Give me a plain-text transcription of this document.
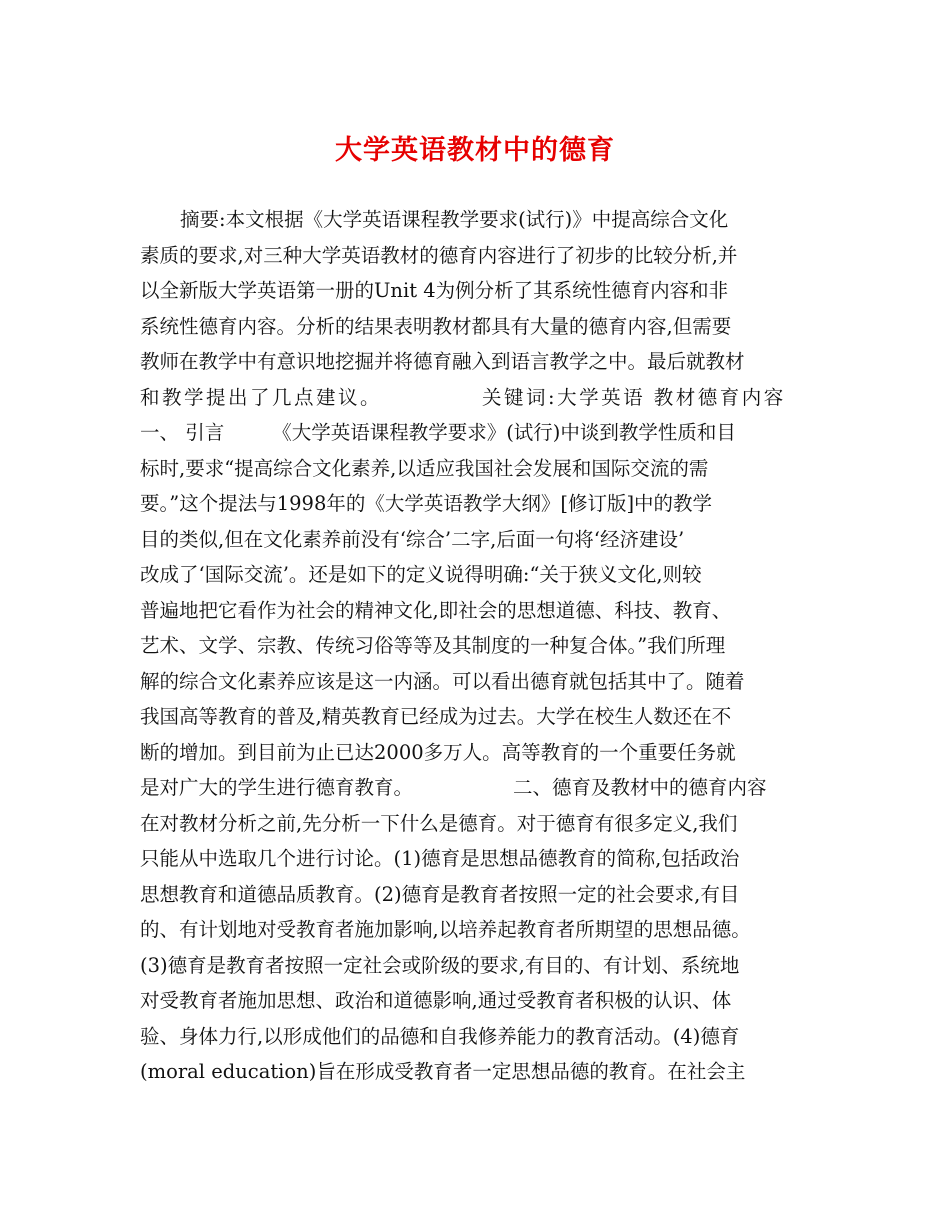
大学英语教材中的德育
摘要:本文根据《大学英语课程教学要求(试行)》中提高综合文化
素质的要求,对三种大学英语教材的德育内容进行了初步的比较分析,并
以全新版大学英语第一册的Unit 4为例分析了其系统性德育内容和非
系统性德育内容。分析的结果表明教材都具有大量的德育内容,但需要
教师在教学中有意识地挖掘并将德育融入到语言教学之中。最后就教材
和教学提出了几点建议。	关键词:大学英语 教材德育内容
一、 引言 《大学英语课程教学要求》(试行)中谈到教学性质和目
标时,要求“提高综合文化素养,以适应我国社会发展和国际交流的需
要。”这个提法与1998年的《大学英语教学大纲》[修订版]中的教学
目的类似,但在文化素养前没有‘综合’二字,后面一句将‘经济建设’
改成了‘国际交流’。还是如下的定义说得明确:“关于狭义文化,则较
普遍地把它看作为社会的精神文化,即社会的思想道德、科技、教育、
艺术、文学、宗教、传统习俗等等及其制度的一种复合体。”我们所理
解的综合文化素养应该是这一内涵。可以看出德育就包括其中了。随着
我国高等教育的普及,精英教育已经成为过去。大学在校生人数还在不
断的增加。到目前为止已达2000多万人。高等教育的一个重要任务就
是对广大的学生进行德育教育。	二、德育及教材中的德育内容
在对教材分析之前,先分析一下什么是德育。对于德育有很多定义,我们
只能从中选取几个进行讨论。(1)德育是思想品德教育的简称,包括政治
思想教育和道德品质教育。(2)德育是教育者按照一定的社会要求,有目
的、有计划地对受教育者施加影响,以培养起教育者所期望的思想品德。
(3)德育是教育者按照一定社会或阶级的要求,有目的、有计划、系统地
对受教育者施加思想、政治和道德影响,通过受教育者积极的认识、体
验、身体力行,以形成他们的品德和自我修养能力的教育活动。(4)德育
(moral education)旨在形成受教育者一定思想品德的教育。在社会主
